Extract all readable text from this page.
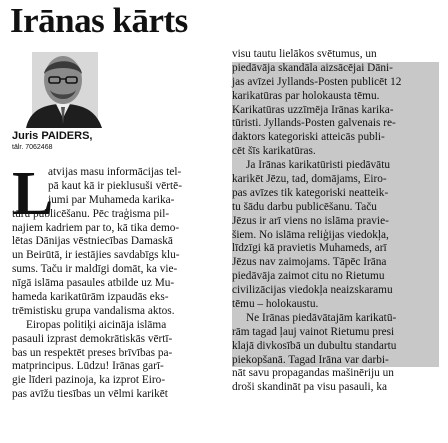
Irānas kārts
Juris PAIDERS,
tālr. 7062468
L
atvijas masu informācijas tel-
pā kaut kā ir pieklusuši vērtē-
jumi par Muhameda karika-
tūru publicēšanu. Pēc traģisma pil-
najiem kadriem par to, kā tika demo-
lētas Dānijas vēstniecības Damaskā
un Beirūtā, ir iestājies savdabīgs klu-
sums. Taču ir maldīgi domāt, ka vie-
nīgā islāma pasaules atbilde uz Mu-
hameda karikatūrām izpaudās eks-
trēmistisku grupa vandalisma aktos.
Eiropas politiķi aicināja islāma
pasauli izprast demokrātiskās vērtī-
bas un respektēt preses brīvības pa-
matprincipus. Lūdzu! Irānas garī-
gie līderi pazinoja, ka izprot Eiro-
pas avīžu tiesības un vēlmi karikēt
visu tautu lielākos svētumus, un
piedāvāja skandāla aizsācējai Dāni-
jas avīzei Jyllands-Posten publicēt 12
karikatūras par holokausta tēmu.
Karikatūras uzzīmēja Irānas karika-
tūristi. Jyllands-Posten galvenais re-
daktors kategoriski atteicās publi-
cēt šīs karikatūras.
Ja Irānas karikatūristi piedāvātu
karikēt Jēzu, tad, domājams, Eiro-
pas avīzes tik kategoriski neatteik-
tu šādu darbu publicēšanu. Taču
Jēzus ir arī viens no islāma pravie-
šiem. No islāma reliģijas viedokļa,
līdzīgi kā pravietis Muhameds, arī
Jēzus nav zaimojams. Tāpēc Irāna
piedāvāja zaimot citu no Rietumu
civilizācijas viedokļa neaizskaramu
tēmu – holokaustu.
Ne Irānas piedāvātajām karikatū-
rām tagad ļauj vainot Rietumu presi
klajā divkosībā un dubultu standartu
piekopšanā. Tagad Irāna var darbi-
nāt savu propagandas mašinēriju un
droši skandināt pa visu pasauli, ka
